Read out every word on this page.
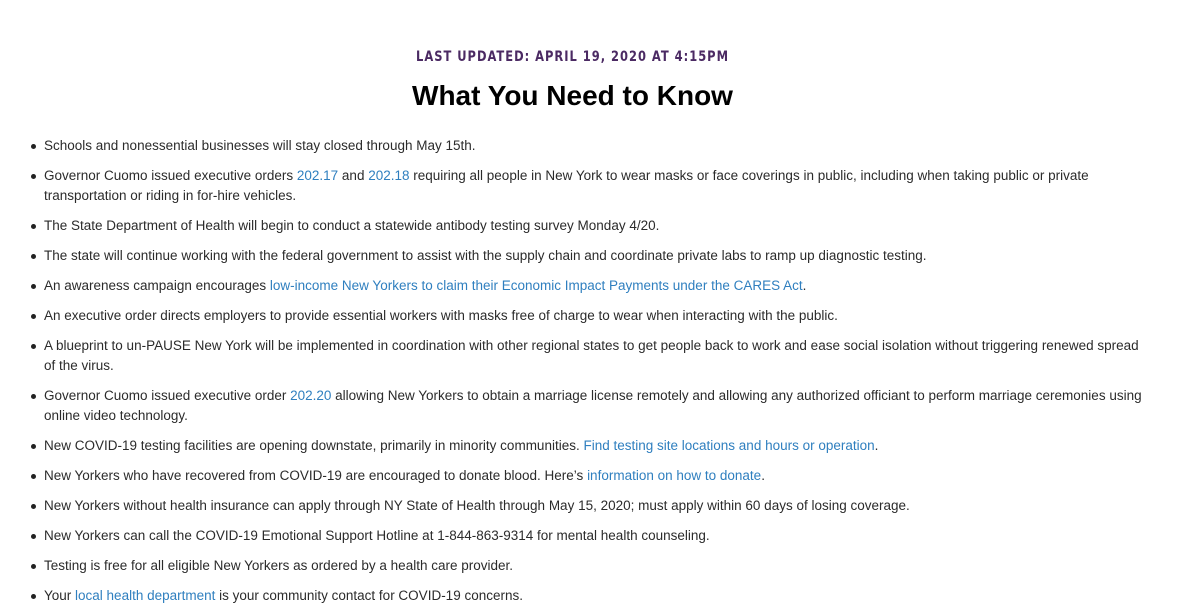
LAST UPDATED: APRIL 19, 2020 AT 4:15PM
What You Need to Know
Schools and nonessential businesses will stay closed through May 15th.
Governor Cuomo issued executive orders 202.17 and 202.18 requiring all people in New York to wear masks or face coverings in public, including when taking public or private transportation or riding in for-hire vehicles.
The State Department of Health will begin to conduct a statewide antibody testing survey Monday 4/20.
The state will continue working with the federal government to assist with the supply chain and coordinate private labs to ramp up diagnostic testing.
An awareness campaign encourages low-income New Yorkers to claim their Economic Impact Payments under the CARES Act.
An executive order directs employers to provide essential workers with masks free of charge to wear when interacting with the public.
A blueprint to un-PAUSE New York will be implemented in coordination with other regional states to get people back to work and ease social isolation without triggering renewed spread of the virus.
Governor Cuomo issued executive order 202.20 allowing New Yorkers to obtain a marriage license remotely and allowing any authorized officiant to perform marriage ceremonies using online video technology.
New COVID-19 testing facilities are opening downstate, primarily in minority communities. Find testing site locations and hours or operation.
New Yorkers who have recovered from COVID-19 are encouraged to donate blood. Here’s information on how to donate.
New Yorkers without health insurance can apply through NY State of Health through May 15, 2020; must apply within 60 days of losing coverage.
New Yorkers can call the COVID-19 Emotional Support Hotline at 1-844-863-9314 for mental health counseling.
Testing is free for all eligible New Yorkers as ordered by a health care provider.
Your local health department is your community contact for COVID-19 concerns.
